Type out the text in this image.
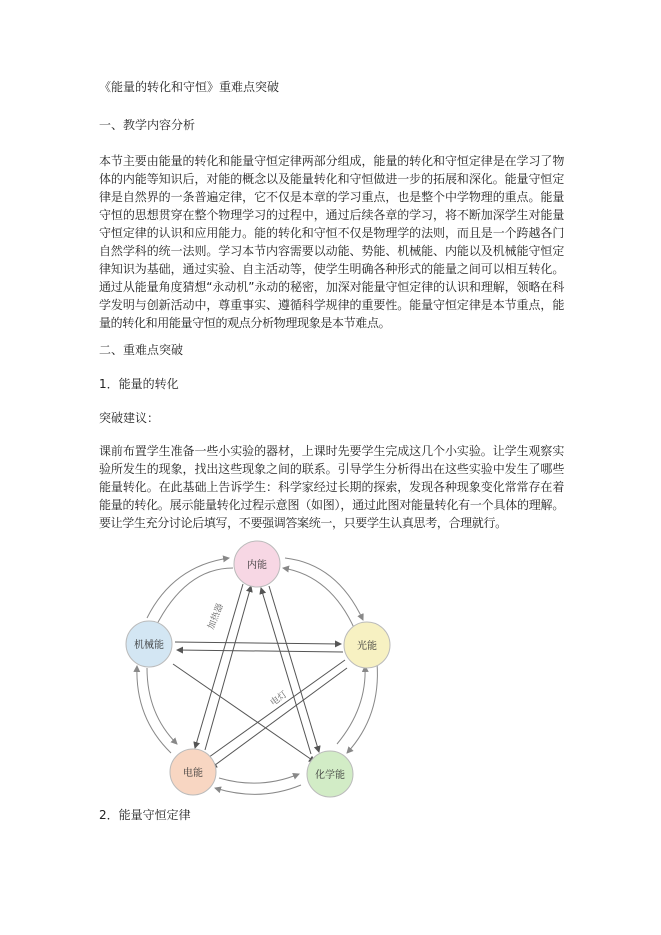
《能量的转化和守恒》重难点突破
一、教学内容分析
本节主要由能量的转化和能量守恒定律两部分组成，能量的转化和守恒定律是在学习了物体的内能等知识后，对能的概念以及能量转化和守恒做进一步的拓展和深化。能量守恒定律是自然界的一条普遍定律，它不仅是本章的学习重点，也是整个中学物理的重点。能量守恒的思想贯穿在整个物理学习的过程中，通过后续各章的学习，将不断加深学生对能量守恒定律的认识和应用能力。能的转化和守恒不仅是物理学的法则，而且是一个跨越各门自然学科的统一法则。学习本节内容需要以动能、势能、机械能、内能以及机械能守恒定律知识为基础，通过实验、自主活动等，使学生明确各种形式的能量之间可以相互转化。通过从能量角度猜想“永动机”永动的秘密，加深对能量守恒定律的认识和理解，领略在科学发明与创新活动中，尊重事实、遵循科学规律的重要性。能量守恒定律是本节重点，能量的转化和用能量守恒的观点分析物理现象是本节难点。
二、重难点突破
1．能量的转化
突破建议：
课前布置学生准备一些小实验的器材，上课时先要学生完成这几个小实验。让学生观察实验所发生的现象，找出这些现象之间的联系。引导学生分析得出在这些实验中发生了哪些能量转化。在此基础上告诉学生：科学家经过长期的探索，发现各种现象变化常常存在着能量的转化。展示能量转化过程示意图（如图），通过此图对能量转化有一个具体的理解。要让学生充分讨论后填写，不要强调答案统一，只要学生认真思考，合理就行。
加热器
电灯
内能
光能
化学能
电能
机械能
2．能量守恒定律
